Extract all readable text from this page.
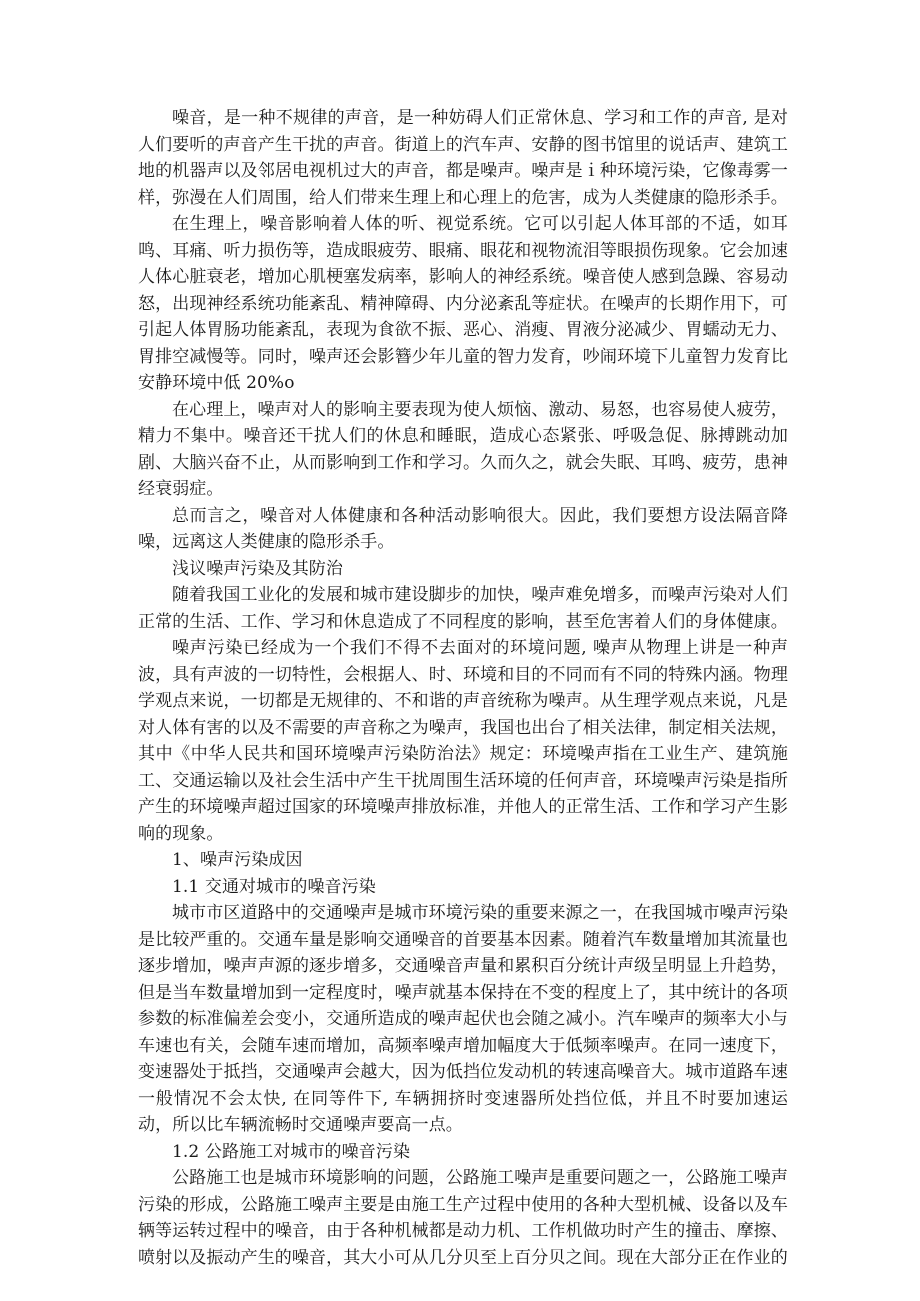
噪音，是一种不规律的声音，是一种妨碍人们正常休息、学习和工作的声音, 是对人们要听的声音产生干扰的声音。街道上的汽车声、安静的图书馆里的说话声、建筑工地的机器声以及邻居电视机过大的声音，都是噪声。噪声是ｉ种环境污染，它像毒雾一样，弥漫在人们周围，给人们带来生理上和心理上的危害，成为人类健康的隐形杀手。

在生理上，噪音影响着人体的听、视觉系统。它可以引起人体耳部的不适，如耳鸣、耳痛、听力损伤等，造成眼疲劳、眼痛、眼花和视物流泪等眼损伤现象。它会加速人体心脏衰老，增加心肌梗塞发病率，影响人的神经系统。噪音使人感到急躁、容易动怒，出现神经系统功能紊乱、精神障碍、内分泌紊乱等症状。在噪声的长期作用下，可引起人体胃肠功能紊乱，表现为食欲不振、恶心、消瘦、胃液分泌减少、胃蠕动无力、胃排空减慢等。同时，噪声还会影簪少年儿童的智力发育，吵闹环境下儿童智力发育比安静环境中低 20%o

在心理上，噪声对人的影响主要表现为使人烦恼、激动、易怒，也容易使人疲劳，精力不集中。噪音还干扰人们的休息和睡眠，造成心态紧张、呼吸急促、脉搏跳动加剧、大脑兴奋不止，从而影响到工作和学习。久而久之，就会失眠、耳鸣、疲劳，患神经衰弱症。

总而言之，噪音对人体健康和各种活动影响很大。因此，我们要想方设法隔音降噪，远离这人类健康的隐形杀手。

浅议噪声污染及其防治

随着我国工业化的发展和城市建设脚步的加快，噪声难免增多，而噪声污染对人们正常的生活、工作、学习和休息造成了不同程度的影响，甚至危害着人们的身体健康。

噪声污染已经成为一个我们不得不去面对的环境问题, 噪声从物理上讲是一种声波，具有声波的一切特性，会根据人、时、环境和目的不同而有不同的特殊内涵。物理学观点来说，一切都是无规律的、不和谐的声音统称为噪声。从生理学观点来说，凡是对人体有害的以及不需要的声音称之为噪声，我国也出台了相关法律，制定相关法规，其中《中华人民共和国环境噪声污染防治法》规定：环境噪声指在工业生产、建筑施工、交通运输以及社会生活中产生干扰周围生活环境的任何声音，环境噪声污染是指所产生的环境噪声超过国家的环境噪声排放标准，并他人的正常生活、工作和学习产生影响的现象。

1、噪声污染成因

1.1 交通对城市的噪音污染

城市市区道路中的交通噪声是城市环境污染的重要来源之一，在我国城市噪声污染是比较严重的。交通车量是影响交通噪音的首要基本因素。随着汽车数量增加其流量也逐步增加，噪声声源的逐步增多，交通噪音声量和累积百分统计声级呈明显上升趋势，但是当车数量增加到一定程度时，噪声就基本保持在不变的程度上了，其中统计的各项参数的标准偏差会变小，交通所造成的噪声起伏也会随之减小。汽车噪声的频率大小与车速也有关，会随车速而增加，高频率噪声增加幅度大于低频率噪声。在同一速度下，变速器处于抵挡，交通噪声会越大，因为低挡位发动机的转速高噪音大。城市道路车速一般情况不会太快, 在同等件下, 车辆拥挤时变速器所处挡位低，并且不时要加速运动，所以比车辆流畅时交通噪声要高一点。

1.2 公路施工对城市的噪音污染

公路施工也是城市环境影响的问题，公路施工噪声是重要问题之一，公路施工噪声污染的形成，公路施工噪声主要是由施工生产过程中使用的各种大型机械、设备以及车辆等运转过程中的噪音，由于各种机械都是动力机、工作机做功时产生的撞击、摩擦、喷射以及振动产生的噪音，其大小可从几分贝至上百分贝之间。现在大部分正在作业的
